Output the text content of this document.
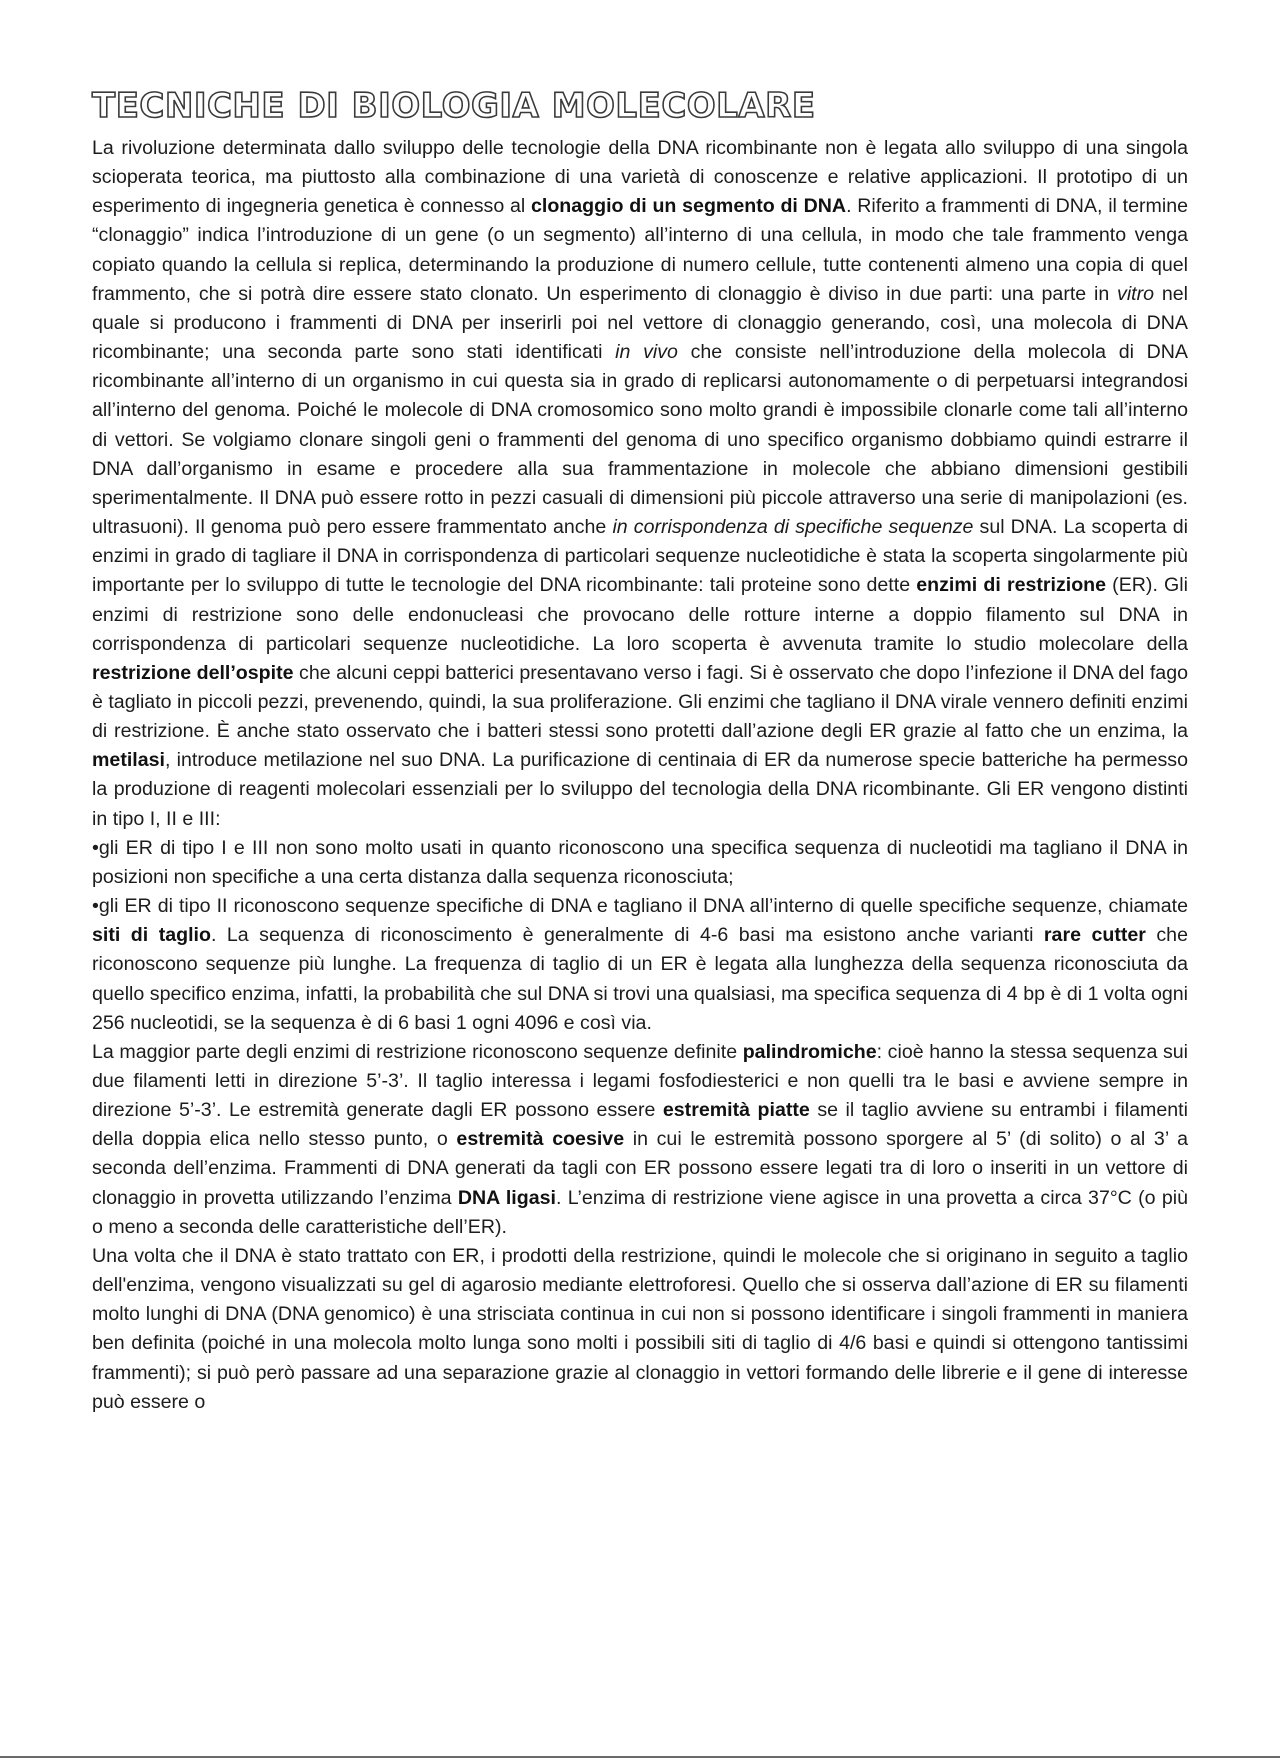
TECNICHE DI BIOLOGIA MOLECOLARE

La rivoluzione determinata dallo sviluppo delle tecnologie della DNA ricombinante non è legata allo sviluppo di una singola scioperata teorica, ma piuttosto alla combinazione di una varietà di conoscenze e relative applicazioni. Il prototipo di un esperimento di ingegneria genetica è connesso al clonaggio di un segmento di DNA. Riferito a frammenti di DNA, il termine “clonaggio” indica l’introduzione di un gene (o un segmento) all’interno di una cellula, in modo che tale frammento venga copiato quando la cellula si replica, determinando la produzione di numero cellule, tutte contenenti almeno una copia di quel frammento, che si potrà dire essere stato clonato. Un esperimento di clonaggio è diviso in due parti: una parte in vitro nel quale si producono i frammenti di DNA per inserirli poi nel vettore di clonaggio generando, così, una molecola di DNA ricombinante; una seconda parte sono stati identificati in vivo che consiste nell’introduzione della molecola di DNA ricombinante all’interno di un organismo in cui questa sia in grado di replicarsi autonomamente o di perpetuarsi integrandosi all’interno del genoma. Poiché le molecole di DNA cromosomico sono molto grandi è impossibile clonarle come tali all’interno di vettori. Se volgiamo clonare singoli geni o frammenti del genoma di uno specifico organismo dobbiamo quindi estrarre il DNA dall’organismo in esame e procedere alla sua frammentazione in molecole che abbiano dimensioni gestibili sperimentalmente. Il DNA può essere rotto in pezzi casuali di dimensioni più piccole attraverso una serie di manipolazioni (es. ultrasuoni). Il genoma può pero essere frammentato anche in corrispondenza di specifiche sequenze sul DNA. La scoperta di enzimi in grado di tagliare il DNA in corrispondenza di particolari sequenze nucleotidiche è stata la scoperta singolarmente più importante per lo sviluppo di tutte le tecnologie del DNA ricombinante: tali proteine sono dette enzimi di restrizione (ER). Gli enzimi di restrizione sono delle endonucleasi che provocano delle rotture interne a doppio filamento sul DNA in corrispondenza di particolari sequenze nucleotidiche. La loro scoperta è avvenuta tramite lo studio molecolare della restrizione dell’ospite che alcuni ceppi batterici presentavano verso i fagi. Si è osservato che dopo l’infezione il DNA del fago è tagliato in piccoli pezzi, prevenendo, quindi, la sua proliferazione. Gli enzimi che tagliano il DNA virale vennero definiti enzimi di restrizione. È anche stato osservato che i batteri stessi sono protetti dall’azione degli ER grazie al fatto che un enzima, la metilasi, introduce metilazione nel suo DNA. La purificazione di centinaia di ER da numerose specie batteriche ha permesso la produzione di reagenti molecolari essenziali per lo sviluppo del tecnologia della DNA ricombinante. Gli ER vengono distinti in tipo I, II e III:

•gli ER di tipo I e III non sono molto usati in quanto riconoscono una specifica sequenza di nucleotidi ma tagliano il DNA in posizioni non specifiche a una certa distanza dalla sequenza riconosciuta;

•gli ER di tipo II riconoscono sequenze specifiche di DNA e tagliano il DNA all’interno di quelle specifiche sequenze, chiamate siti di taglio. La sequenza di riconoscimento è generalmente di 4-6 basi ma esistono anche varianti rare cutter che riconoscono sequenze più lunghe. La frequenza di taglio di un ER è legata alla lunghezza della sequenza riconosciuta da quello specifico enzima, infatti, la probabilità che sul DNA si trovi una qualsiasi, ma specifica sequenza di 4 bp è di 1 volta ogni 256 nucleotidi, se la sequenza è di 6 basi 1 ogni 4096 e così via.

La maggior parte degli enzimi di restrizione riconoscono sequenze definite palindromiche: cioè hanno la stessa sequenza sui due filamenti letti in direzione 5’-3’. Il taglio interessa i legami fosfodiesterici e non quelli tra le basi e avviene sempre in direzione 5’-3’. Le estremità generate dagli ER possono essere estremità piatte se il taglio avviene su entrambi i filamenti della doppia elica nello stesso punto, o estremità coesive in cui le estremità possono sporgere al 5’ (di solito) o al 3’ a seconda dell’enzima. Frammenti di DNA generati da tagli con ER possono essere legati tra di loro o inseriti in un vettore di clonaggio in provetta utilizzando l’enzima DNA ligasi. L’enzima di restrizione viene agisce in una provetta a circa 37°C (o più o meno a seconda delle caratteristiche dell’ER).

Una volta che il DNA è stato trattato con ER, i prodotti della restrizione, quindi le molecole che si originano in seguito a taglio dell'enzima, vengono visualizzati su gel di agarosio mediante elettroforesi. Quello che si osserva dall’azione di ER su filamenti molto lunghi di DNA (DNA genomico) è una strisciata continua in cui non si possono identificare i singoli frammenti in maniera ben definita (poiché in una molecola molto lunga sono molti i possibili siti di taglio di 4/6 basi e quindi si ottengono tantissimi frammenti); si può però passare ad una separazione grazie al clonaggio in vettori formando delle librerie e il gene di interesse può essere o
